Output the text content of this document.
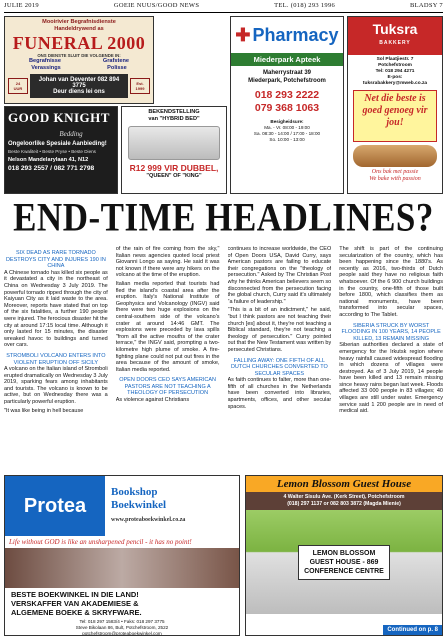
JULIE 2019	GOEIE NUUS/GOOD NEWS	TEL. (018) 293 1996	BLADSY 7
Mooirivier Begrafnisdienste
Handeldrywend as
FUNERAL 2000
ONS DIENSTE SLUIT DIE VOLGENDE IN:
Begrafnisse	Grafstene
Verassings	Polisse
24
UUR
Johan van Deventer 082 894 3775
Deur diens lei ons
Est.
1999
GOOD KNIGHT
Bedding
Ongeloorlike Spesiale Aanbieding!
Beste Kwaliteit • Beste Pryse • Beste Diens
Nelson Mandelarylaan 41, N12
018 293 2557 / 082 771 2798
BEKENDSTELLING
van "HYBRID BED"
R12 999 VIR DUBBEL,
"QUEEN" OF "KING"
✚ Pharmacy
Miederpark Apteek
Maherrystraat 39
Miederpark, Potchefstroom
018 293 2222
079 368 1063
Besigheidsure:
Ma. - Vr. 08:00 - 19:00
Sa. 08:30 - 14:00 / 17:00 - 18:00
So. 10:00 - 13:00
Tuksra
BAKKERY
Sol Plaatjiestr. 7
Potchefstroom
Tel: 018 294 4271
E-pos:
tuksrabakkery@mweb.co.za
Net die beste is goed genoeg vir jou!
Ons bak met passie
We bake with passion
END-TIME HEADLINES?
SIX DEAD AS RARE TORNADO DESTROYS CITY AND INJURES 190 IN CHINA
A Chinese tornado has killed six people as it devastated a city in the northeast of China on Wednesday 3 July 2019. The powerful tornado ripped through the city of Kaiyuan City as it laid waste to the area. Moreover, reports have stated that on top of the six fatalities, a further 190 people were injured. The ferocious disaster hit the city at around 17:15 local time. Although it only lasted for 15 minutes, the disaster wreaked havoc to buildings and turned over cars.
STROMBOLI VOLCANO ENTERS INTO VIOLENT ERUPTION OFF SICILY
A volcano on the Italian island of Stromboli erupted dramatically on Wednesday 3 July 2019, sparking fears among inhabitants and tourists. The volcano is known to be active, but on Wednesday there was a particularly powerful eruption.
"It was like being in hell because
of the rain of fire coming from the sky," Italian news agencies quoted local priest Giovanni Longo as saying. He said it was not known if there were any hikers on the volcano at the time of the eruption.
Italian media reported that tourists had fled the island's coastal area after the eruption. Italy's National Institute of Geophysics and Volcanology (INGV) said there were two huge explosions on the central-southern side of the volcano's crater at around 14:46 GMT. The explosions were preceded by lava spills "from all the active mouths of the crater terrace," the INGV said, prompting a two-kilometre high plume of smoke. A fire-fighting plane could not put out fires in the area because of the amount of smoke, Italian media reported.
OPEN DOORS CEO SAYS AMERICAN PASTORS ARE NOT TEACHING A THEOLOGY OF PERSECUTION
As violence against Christians
continues to increase worldwide, the CEO of Open Doors USA, David Curry, says American pastors are failing to educate their congregations on the "theology of persecution." Asked by The Christian Post why he thinks American believers seem so disconnected from the persecution facing the global church, Curry said it's ultimately "a failure of leadership."
"This is a bit of an indictment," he said, "but I think pastors are not teaching their church [es] about it, they're not teaching a Biblical standard, they're not teaching a theology of persecution." Curry pointed out that the New Testament was written by persecuted Christians.
FALLING AWAY: ONE FIFTH OF ALL DUTCH CHURCHES CONVERTED TO SECULAR SPACES
As faith continues to falter, more than one-fifth of all churches in the Netherlands have been converted into libraries, apartments, offices, and other secular spaces.
The shift is part of the continuing secularization of the country, which has been happening since the 1880's. As recently as 2016, two-thirds of Dutch people said they have no religious faith whatsoever. Of the 6 900 church buildings in the country, one-fifth of those built before 1800, which classifies them as national monuments, have been transformed into secular spaces, according to The Tablet.
SIBERIA STRUCK BY WORST FLOODING IN 100 YEARS, 14 PEOPLE KILLED, 13 REMAIN MISSING
Siberian authorities declared a state of emergency for the Irkutsk region where heavy rainfall caused widespread flooding in which dozens of villages were destroyed. As of 3 July 2019, 14 people have been killed and 13 remain missing since heavy rains began last week. Floods affected 33 000 people in 83 villages; 40 villages are still under water. Emergency service said 1 200 people are in need of medical aid.
Protea
Bookshop
Boekwinkel
www.proteaboekwinkel.co.za
Life without GOD is like an unsharpened pencil - it has no point!
BESTE BOEKWINKEL IN DIE LAND!
VERSKAFFER VAN AKADEMIESE &
ALGEMENE BOEKE & SKRYFWARE.
Tel: 018 297 1583/4 • Faks: 018 297 3775
Steve Bikolaan 86, Bult, Potchefstroom, 2522
potchefstroom@proteaboekwinkel.com
Lemon Blossom Guest House
4 Walter Sisulu Ave. (Kerk Street), Potchefstroom
(018) 297 1137 or 082 803 3872 (Magda Mienie)
LEMON BLOSSOM
GUEST HOUSE - 869
CONFERENCE CENTRE
Continued on p. 8
